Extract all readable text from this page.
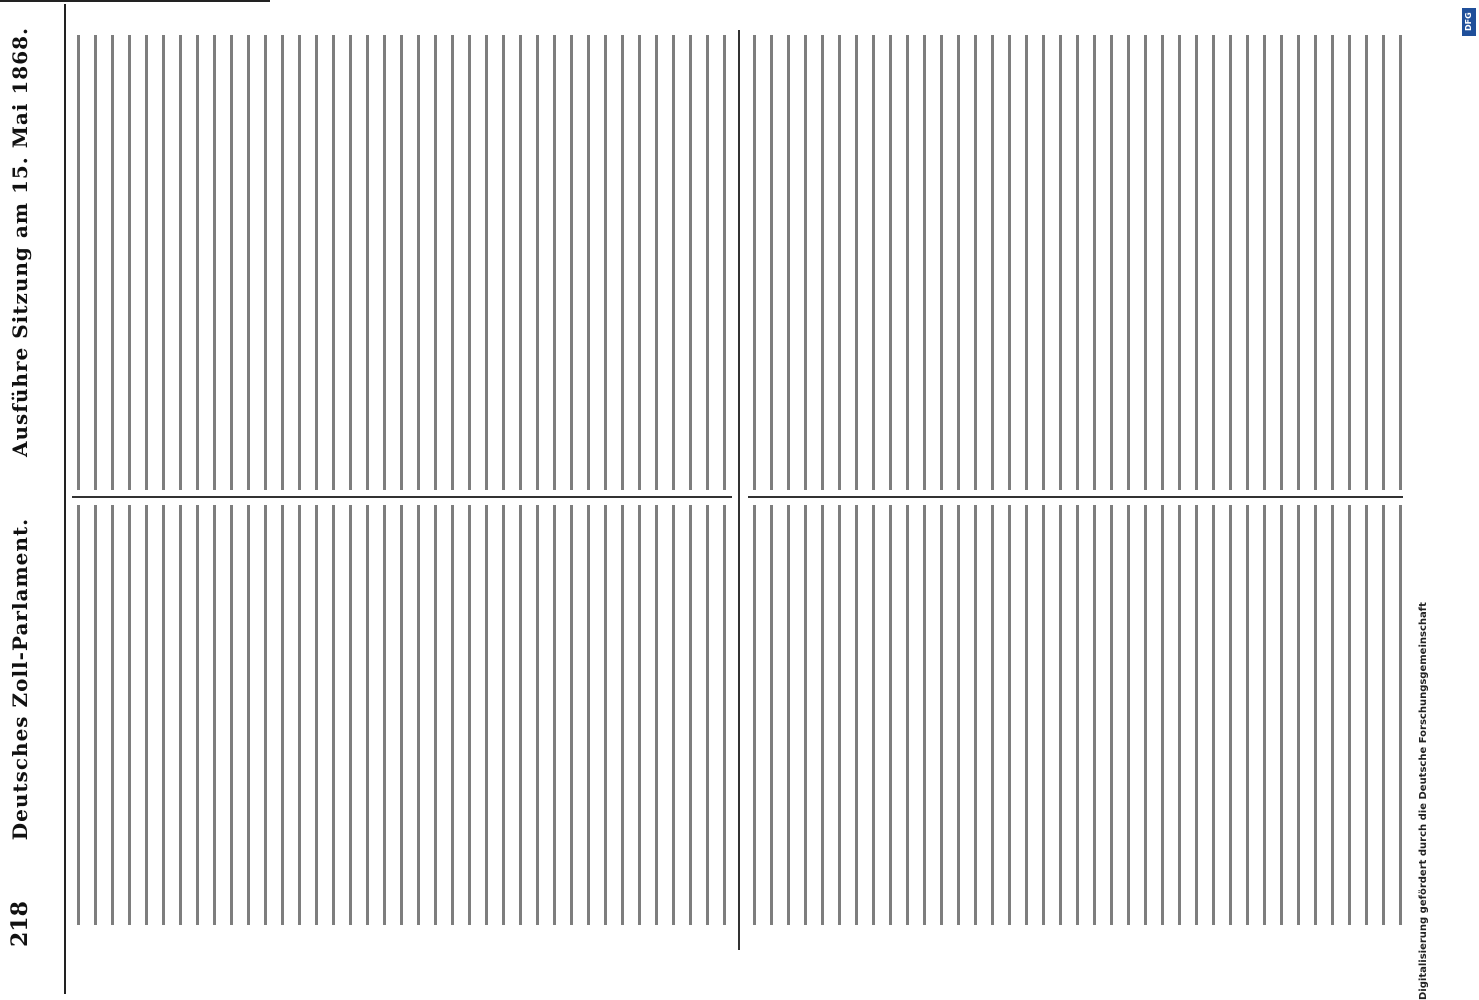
218
Deutsches Zoll-Parlament.
Ausführe Sitzung am 15. Mai 1868.
Digitalisierung gefördert durch die Deutsche Forschungsgemeinschaft
DFG
